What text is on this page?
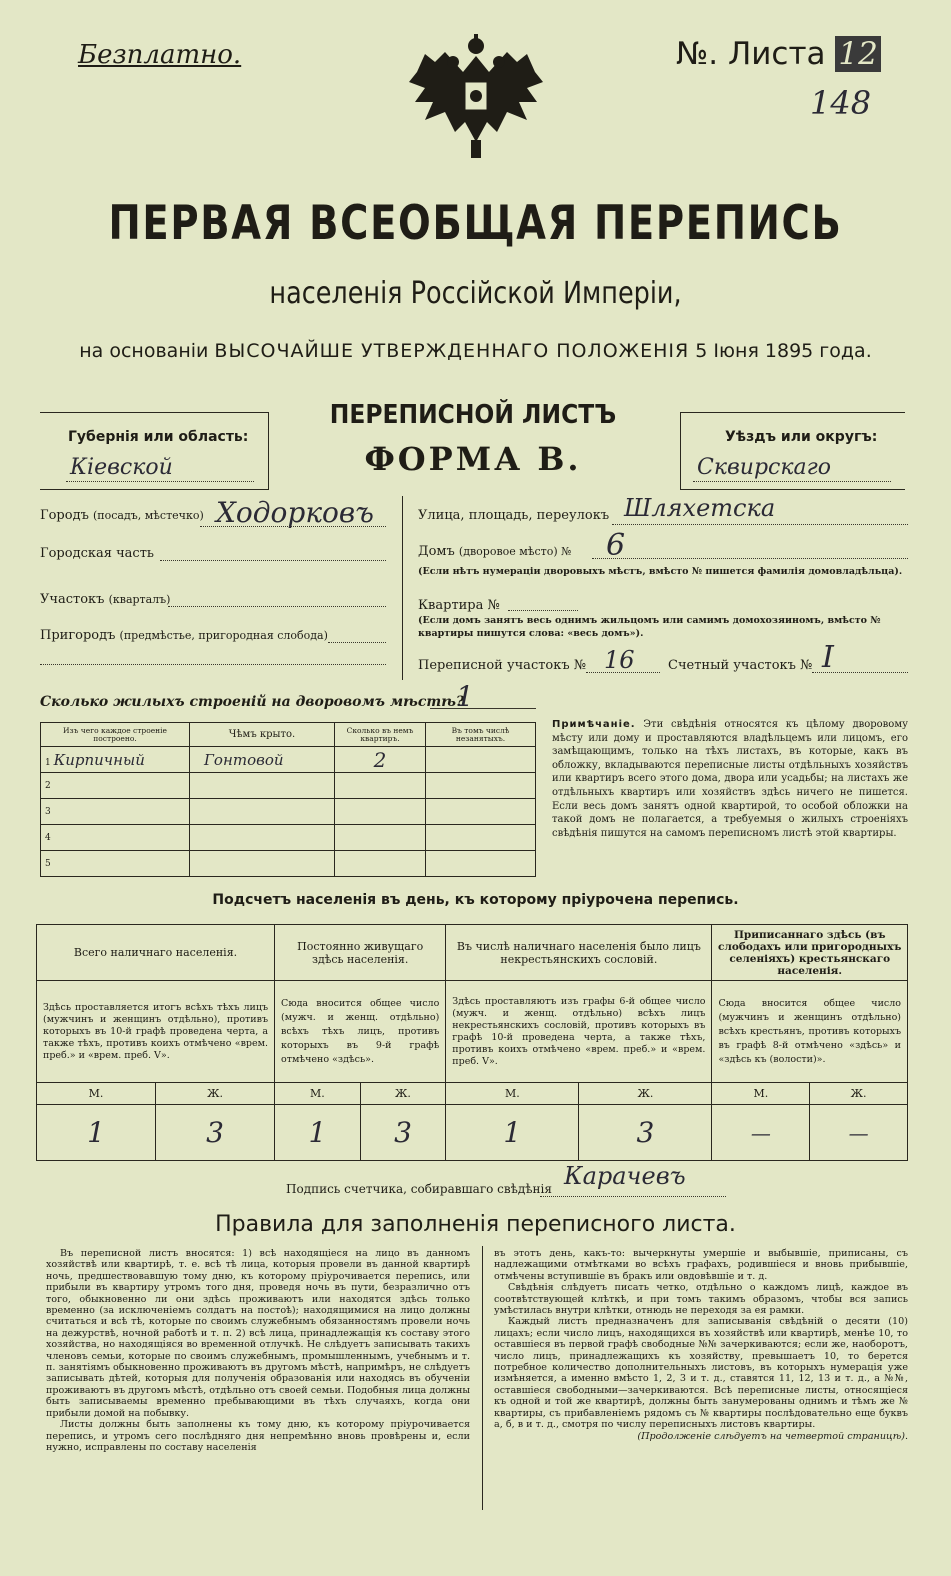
Безплатно.	№. Листа 12
148
ПЕРВАЯ ВСЕОБЩАЯ ПЕРЕПИСЬ
населенія Россійской Имперіи,
на основаніи ВЫСОЧАЙШЕ УТВЕРЖДЕННАГО ПОЛОЖЕНІЯ 5 Іюня 1895 года.
Губернія или область:
Кіевской
ПЕРЕПИСНОЙ ЛИСТЪ
ФОРМА В.
Уѣздъ или округъ:
Сквирскаго
Городъ (посадъ, мѣстечко) Ходорковъ
Городская часть
Участокъ (кварталъ)
Пригородъ (предмѣстье, пригородная слобода)
Улица, площадь, переулокъ Шляхетска
Домъ (дворовое мѣсто) № 6
(Если нѣтъ нумераціи дворовыхъ мѣстъ, вмѣсто № пишется фамилія домовладѣльца).
Квартира №
(Если домъ занятъ весь однимъ жильцомъ или самимъ домохозяиномъ, вмѣсто № квартиры пишутся слова: «весь домъ»).
Переписной участокъ № 16	Счетный участокъ № I
Сколько жилыхъ строеній на дворовомъ мѣстѣ?
1
Изъ чего каждое строеніе построено.	Чѣмъ крыто.	Сколько въ немъ квартиръ.	Въ томъ числѣ незанятыхъ.
1 Кирпичный	Гонтовой	2	
2			
3			
4			
5			
Примѣчаніе. Эти свѣдѣнія относятся къ цѣлому дворовому мѣсту или дому и проставляются владѣльцемъ или лицомъ, его замѣщающимъ, только на тѣхъ листахъ, въ которые, какъ въ обложку, вкладываются переписные листы отдѣльныхъ хозяйствъ или квартиръ всего этого дома, двора или усадьбы; на листахъ же отдѣльныхъ квартиръ или хозяйствъ здѣсь ничего не пишется. Если весь домъ занятъ одной квартирой, то особой обложки на такой домъ не полагается, а требуемыя о жилыхъ строеніяхъ свѣдѣнія пишутся на самомъ переписномъ листѣ этой квартиры.
Подсчетъ населенія въ день, къ которому пріурочена перепись.
Всего наличнаго населенія.		Постоянно живущаго здѣсь населенія.		Въ числѣ наличнаго населенія было лицъ некрестьянскихъ сословій.		Приписаннаго здѣсь (въ слободахъ или пригородныхъ селеніяхъ) крестьянскаго населенія.	
Здѣсь проставляется итогъ всѣхъ тѣхъ лицъ (мужчинъ и женщинъ отдѣльно), противъ которыхъ въ 10-й графѣ проведена черта, а также тѣхъ, противъ коихъ отмѣчено «врем. преб.» и «врем. преб. V».		Сюда вносится общее число (мужч. и женщ. отдѣльно) всѣхъ тѣхъ лицъ, противъ которыхъ въ 9-й графѣ отмѣчено «здѣсь».		Здѣсь проставляютъ изъ графы 6-й общее число (мужч. и женщ. отдѣльно) всѣхъ лицъ некрестьянскихъ сословій, противъ которыхъ въ графѣ 10-й проведена черта, а также тѣхъ, противъ коихъ отмѣчено «врем. преб.» и «врем. преб. V».		Сюда вносится общее число (мужчинъ и женщинъ отдѣльно) всѣхъ крестьянъ, противъ которыхъ въ графѣ 8-й отмѣчено «здѣсь» и «здѣсь къ (волости)».	
М.	Ж.	М.	Ж.	М.	Ж.	М.	Ж.
1	3	1	3	1	3	—	—
Подпись счетчика, собиравшаго свѣдѣнія Карачевъ
Правила для заполненія переписного листа.

Въ переписной листъ вносятся: 1) всѣ находящіеся на лицо въ данномъ хозяйствѣ или квартирѣ, т. е. всѣ тѣ лица, которыя провели въ данной квартирѣ ночь, предшествовавшую тому дню, къ которому пріурочивается перепись, или прибыли въ квартиру утромъ того дня, проведя ночь въ пути, безразлично отъ того, обыкновенно ли они здѣсь проживаютъ или находятся здѣсь только временно (за исключеніемъ солдатъ на постоѣ); находящимися на лицо должны считаться и всѣ тѣ, которые по своимъ служебнымъ обязанностямъ провели ночь на дежурствѣ, ночной работѣ и т. п. 2) всѣ лица, принадлежащія къ составу этого хозяйства, но находящіяся во временной отлучкѣ. Не слѣдуетъ записывать такихъ членовъ семьи, которые по своимъ служебнымъ, промышленнымъ, учебнымъ и т. п. занятіямъ обыкновенно проживаютъ въ другомъ мѣстѣ, напримѣръ, не слѣдуетъ записывать дѣтей, которыя для полученія образованія или находясь въ обученіи проживаютъ въ другомъ мѣстѣ, отдѣльно отъ своей семьи. Подобныя лица должны быть записываемы временно пребывающими въ тѣхъ случаяхъ, когда они прибыли домой на побывку.

Листы должны быть заполнены къ тому дню, къ которому пріурочивается перепись, и утромъ сего послѣдняго дня непремѣнно вновь провѣрены и, если нужно, исправлены по составу населенія

въ этотъ день, какъ-то: вычеркнуты умершіе и выбывшіе, приписаны, съ надлежащими отмѣтками во всѣхъ графахъ, родившіеся и вновь прибывшіе, отмѣчены вступившіе въ бракъ или овдовѣвшіе и т. д.

Свѣдѣнія слѣдуетъ писать четко, отдѣльно о каждомъ лицѣ, каждое въ соотвѣтствующей клѣткѣ, и при томъ такимъ образомъ, чтобы вся запись умѣстилась внутри клѣтки, отнюдь не переходя за ея рамки.

Каждый листъ предназначенъ для записыванія свѣдѣній о десяти (10) лицахъ; если число лицъ, находящихся въ хозяйствѣ или квартирѣ, менѣе 10, то оставшіеся въ первой графѣ свободные №№ зачеркиваются; если же, наоборотъ, число лицъ, принадлежащихъ къ хозяйству, превышаетъ 10, то берется потребное количество дополнительныхъ листовъ, въ которыхъ нумерація уже измѣняется, а именно вмѣсто 1, 2, 3 и т. д., ставятся 11, 12, 13 и т. д., а №№, оставшіеся свободными—зачеркиваются. Всѣ переписные листы, относящіеся къ одной и той же квартирѣ, должны быть занумерованы однимъ и тѣмъ же № квартиры, съ прибавленіемъ рядомъ съ № квартиры послѣдовательно еще буквъ а, б, в и т. д., смотря по числу переписныхъ листовъ квартиры.

(Продолженіе слѣдуетъ на четвертой страницѣ).
